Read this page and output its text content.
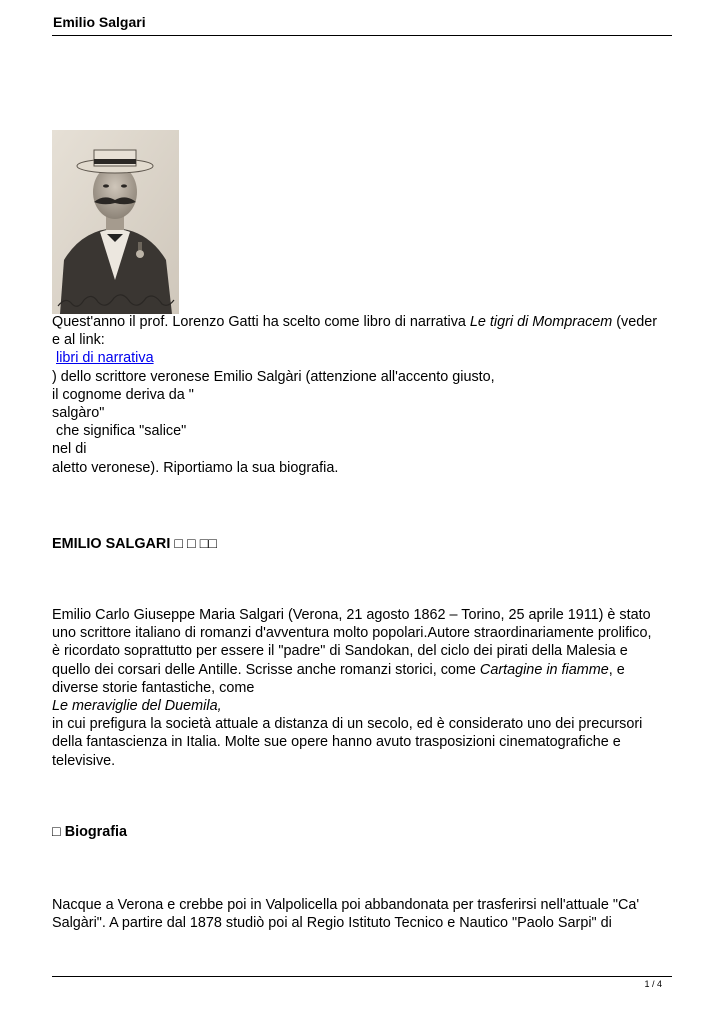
Emilio Salgari
Quest'anno il prof. Lorenzo Gatti ha scelto come libro di narrativa Le tigri di Mompracem (veder
e al link:
libri di narrativa
) dello scrittore veronese Emilio Salgàri (attenzione all'accento giusto,
il cognome deriva da "
salgàro"
che significa "salice"
nel di
aletto veronese). Riportiamo la sua biografia.
EMILIO SALGARI □ □ □□
Emilio Carlo Giuseppe Maria Salgari (Verona, 21 agosto 1862 – Torino, 25 aprile 1911) è stato
uno scrittore italiano di romanzi d'avventura molto popolari.Autore straordinariamente prolifico,
è ricordato soprattutto per essere il "padre" di Sandokan, del ciclo dei pirati della Malesia e
quello dei corsari delle Antille. Scrisse anche romanzi storici, come Cartagine in fiamme, e
diverse storie fantastiche, come
Le meraviglie del Duemila,
in cui prefigura la società attuale a distanza di un secolo, ed è considerato uno dei precursori
della fantascienza in Italia. Molte sue opere hanno avuto trasposizioni cinematografiche e
televisive.
□ Biografia
Nacque a Verona e crebbe poi in Valpolicella poi abbandonata per trasferirsi nell'attuale "Ca'
Salgàri". A partire dal 1878 studiò poi al Regio Istituto Tecnico e Nautico "Paolo Sarpi" di
1 / 4
